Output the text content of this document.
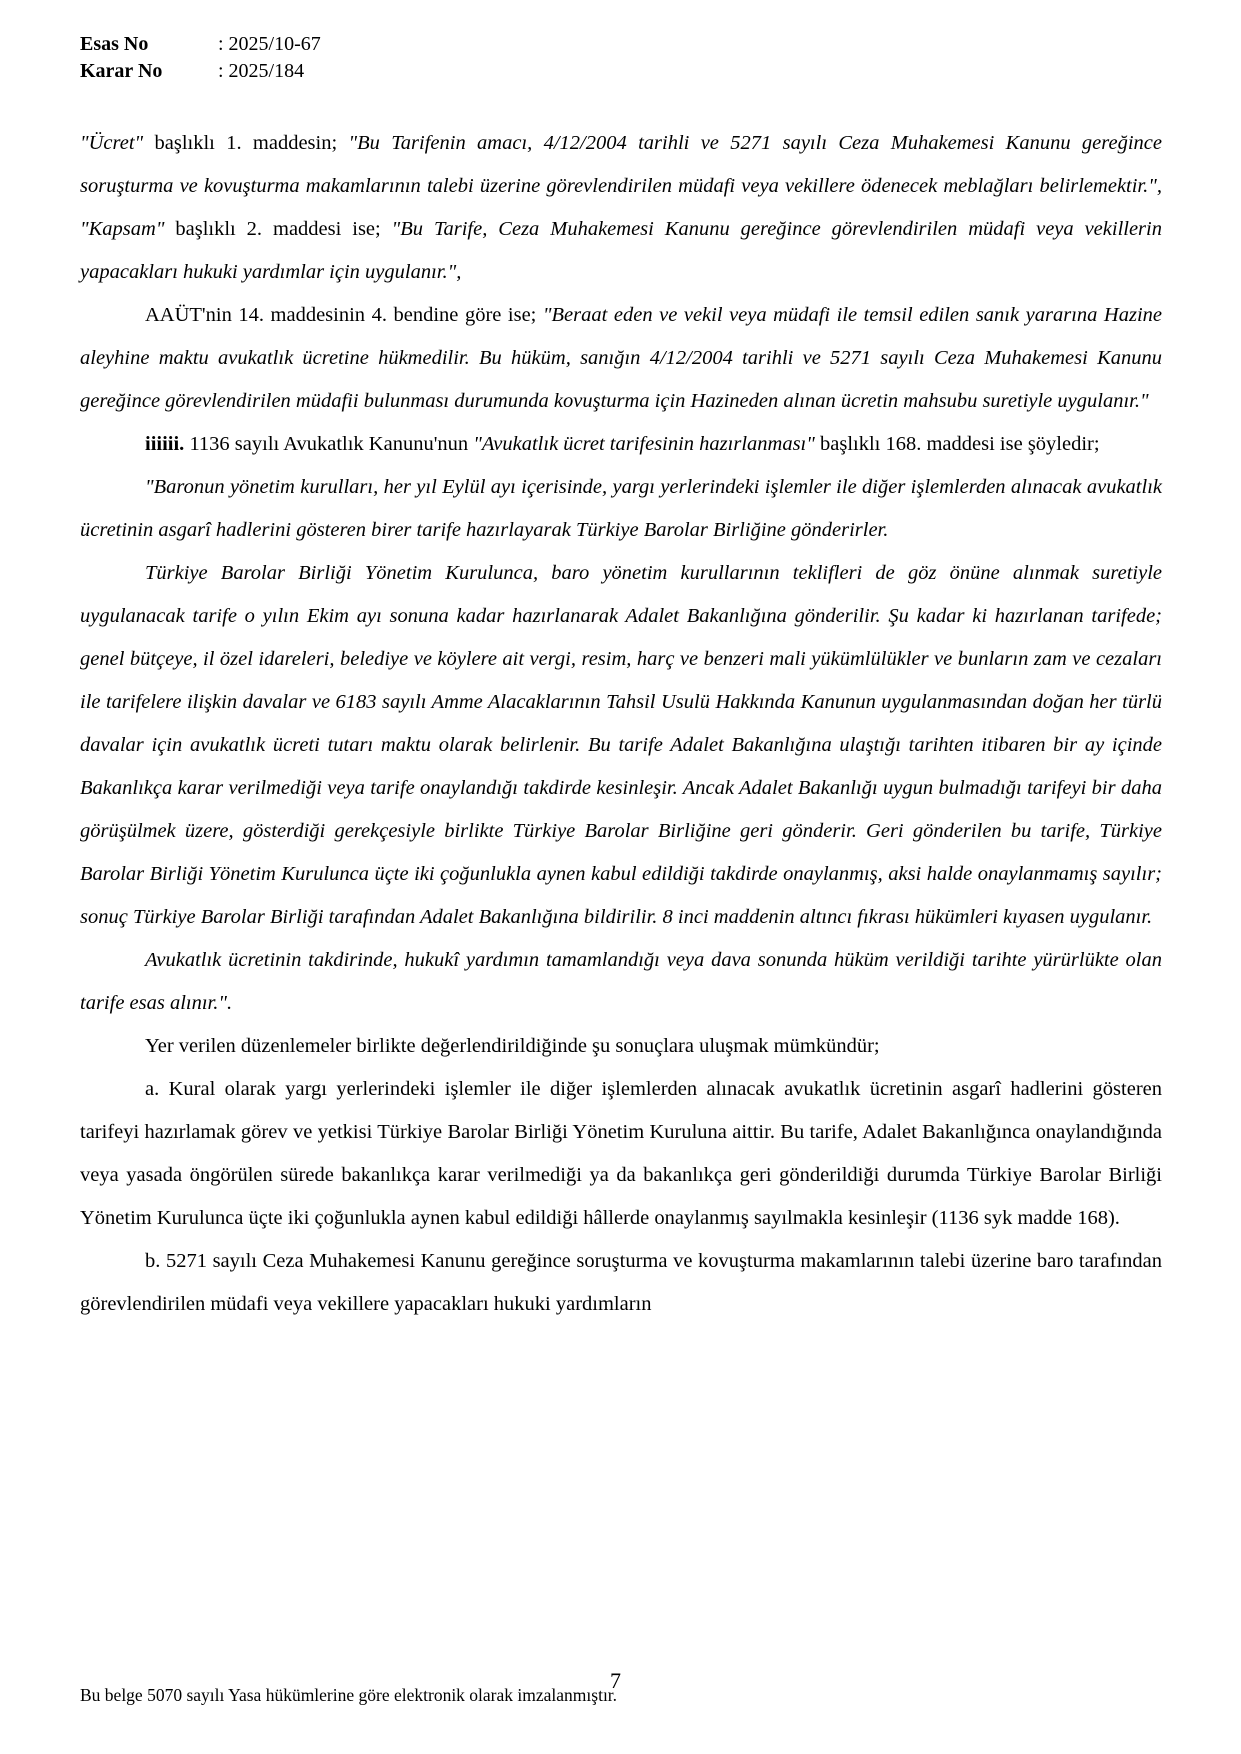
Esas No	: 2025/10-67
Karar No	: 2025/184

"Ücret" başlıklı 1. maddesin; "Bu Tarifenin amacı, 4/12/2004 tarihli ve 5271 sayılı Ceza Muhakemesi Kanunu gereğince soruşturma ve kovuşturma makamlarının talebi üzerine görevlendirilen müdafi veya vekillere ödenecek meblağları belirlemektir.", "Kapsam" başlıklı 2. maddesi ise; "Bu Tarife, Ceza Muhakemesi Kanunu gereğince görevlendirilen müdafi veya vekillerin yapacakları hukuki yardımlar için uygulanır.",

AAÜT'nin 14. maddesinin 4. bendine göre ise; "Beraat eden ve vekil veya müdafi ile temsil edilen sanık yararına Hazine aleyhine maktu avukatlık ücretine hükmedilir. Bu hüküm, sanığın 4/12/2004 tarihli ve 5271 sayılı Ceza Muhakemesi Kanunu gereğince görevlendirilen müdafii bulunması durumunda kovuşturma için Hazineden alınan ücretin mahsubu suretiyle uygulanır."

iiiiii. 1136 sayılı Avukatlık Kanunu'nun "Avukatlık ücret tarifesinin hazırlanması" başlıklı 168. maddesi ise şöyledir;

"Baronun yönetim kurulları, her yıl Eylül ayı içerisinde, yargı yerlerindeki işlemler ile diğer işlemlerden alınacak avukatlık ücretinin asgarî hadlerini gösteren birer tarife hazırlayarak Türkiye Barolar Birliğine gönderirler.

Türkiye Barolar Birliği Yönetim Kurulunca, baro yönetim kurullarının teklifleri de göz önüne alınmak suretiyle uygulanacak tarife o yılın Ekim ayı sonuna kadar hazırlanarak Adalet Bakanlığına gönderilir. Şu kadar ki hazırlanan tarifede; genel bütçeye, il özel idareleri, belediye ve köylere ait vergi, resim, harç ve benzeri mali yükümlülükler ve bunların zam ve cezaları ile tarifelere ilişkin davalar ve 6183 sayılı Amme Alacaklarının Tahsil Usulü Hakkında Kanunun uygulanmasından doğan her türlü davalar için avukatlık ücreti tutarı maktu olarak belirlenir. Bu tarife Adalet Bakanlığına ulaştığı tarihten itibaren bir ay içinde Bakanlıkça karar verilmediği veya tarife onaylandığı takdirde kesinleşir. Ancak Adalet Bakanlığı uygun bulmadığı tarifeyi bir daha görüşülmek üzere, gösterdiği gerekçesiyle birlikte Türkiye Barolar Birliğine geri gönderir. Geri gönderilen bu tarife, Türkiye Barolar Birliği Yönetim Kurulunca üçte iki çoğunlukla aynen kabul edildiği takdirde onaylanmış, aksi halde onaylanmamış sayılır; sonuç Türkiye Barolar Birliği tarafından Adalet Bakanlığına bildirilir. 8 inci maddenin altıncı fıkrası hükümleri kıyasen uygulanır.

Avukatlık ücretinin takdirinde, hukukî yardımın tamamlandığı veya dava sonunda hüküm verildiği tarihte yürürlükte olan tarife esas alınır.".

Yer verilen düzenlemeler birlikte değerlendirildiğinde şu sonuçlara uluşmak mümkündür;

a. Kural olarak yargı yerlerindeki işlemler ile diğer işlemlerden alınacak avukatlık ücretinin asgarî hadlerini gösteren tarifeyi hazırlamak görev ve yetkisi Türkiye Barolar Birliği Yönetim Kuruluna aittir. Bu tarife, Adalet Bakanlığınca onaylandığında veya yasada öngörülen sürede bakanlıkça karar verilmediği ya da bakanlıkça geri gönderildiği durumda Türkiye Barolar Birliği Yönetim Kurulunca üçte iki çoğunlukla aynen kabul edildiği hâllerde onaylanmış sayılmakla kesinleşir (1136 syk madde 168).

b. 5271 sayılı Ceza Muhakemesi Kanunu gereğince soruşturma ve kovuşturma makamlarının talebi üzerine baro tarafından görevlendirilen müdafi veya vekillere yapacakları hukuki yardımların

Bu belge 5070 sayılı Yasa hükümlerine göre elektronik olarak imzalanmıştır.
7
